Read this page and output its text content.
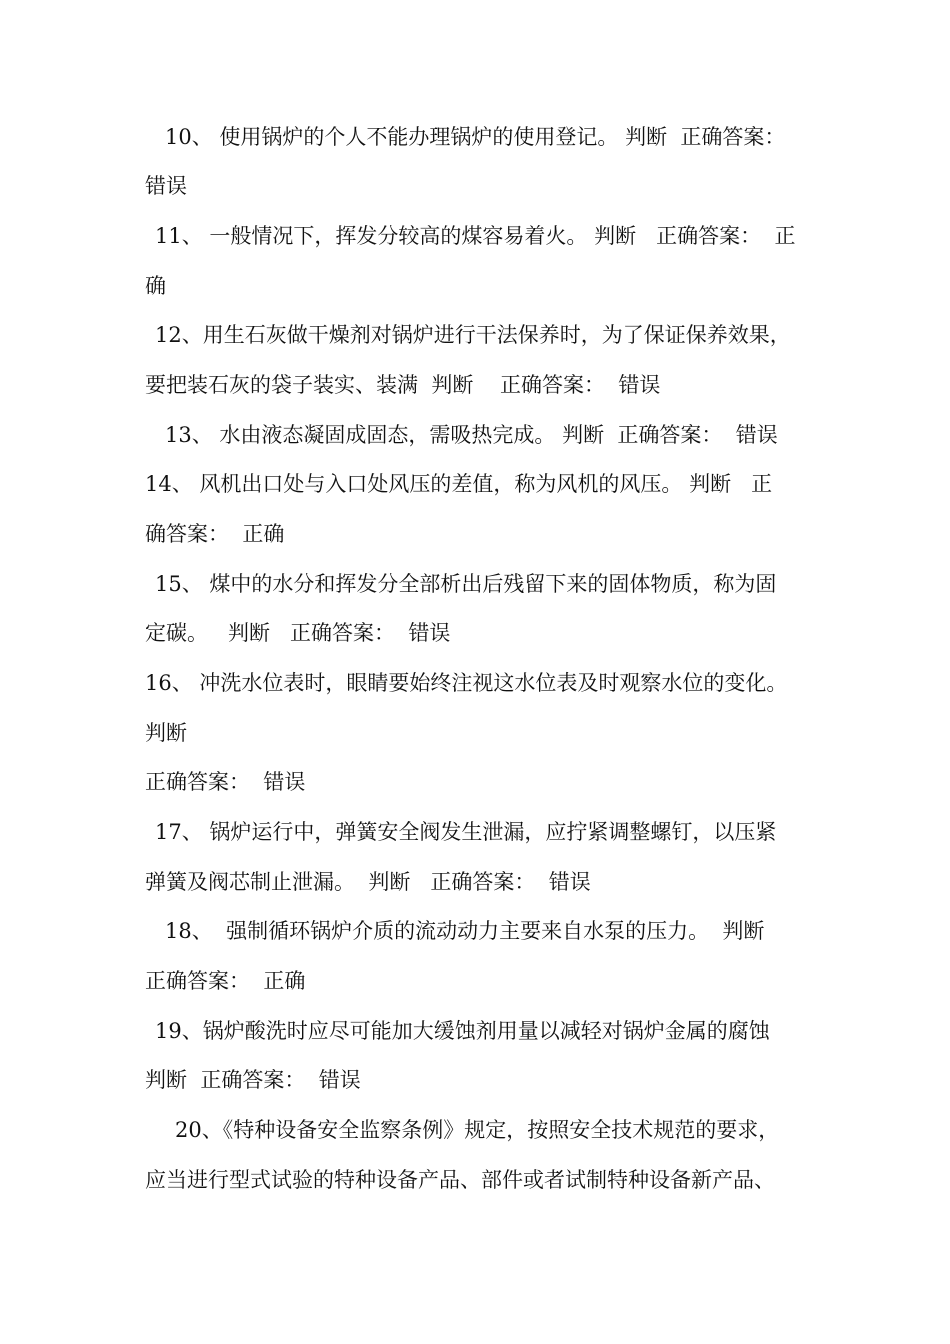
10、 使用锅炉的个人不能办理锅炉的使用登记。 判断  正确答案：
错误
11、 一般情况下，挥发分较高的煤容易着火。 判断   正确答案：  正
确
12、用生石灰做干燥剂对锅炉进行干法保养时，为了保证保养效果，
要把装石灰的袋子装实、装满  判断    正确答案：  错误
13、 水由液态凝固成固态，需吸热完成。 判断  正确答案：  错误
14、 风机出口处与入口处风压的差值，称为风机的风压。 判断   正
确答案：  正确
15、 煤中的水分和挥发分全部析出后残留下来的固体物质，称为固
定碳。   判断   正确答案：  错误
16、 冲洗水位表时，眼睛要始终注视这水位表及时观察水位的变化。
判断
正确答案：  错误
17、 锅炉运行中，弹簧安全阀发生泄漏，应拧紧调整螺钉，以压紧
弹簧及阀芯制止泄漏。  判断   正确答案：  错误
18、  强制循环锅炉介质的流动动力主要来自水泵的压力。  判断
正确答案：  正确
19、锅炉酸洗时应尽可能加大缓蚀剂用量以减轻对锅炉金属的腐蚀
判断  正确答案：  错误
20、《特种设备安全监察条例》规定，按照安全技术规范的要求，
应当进行型式试验的特种设备产品、部件或者试制特种设备新产品、
